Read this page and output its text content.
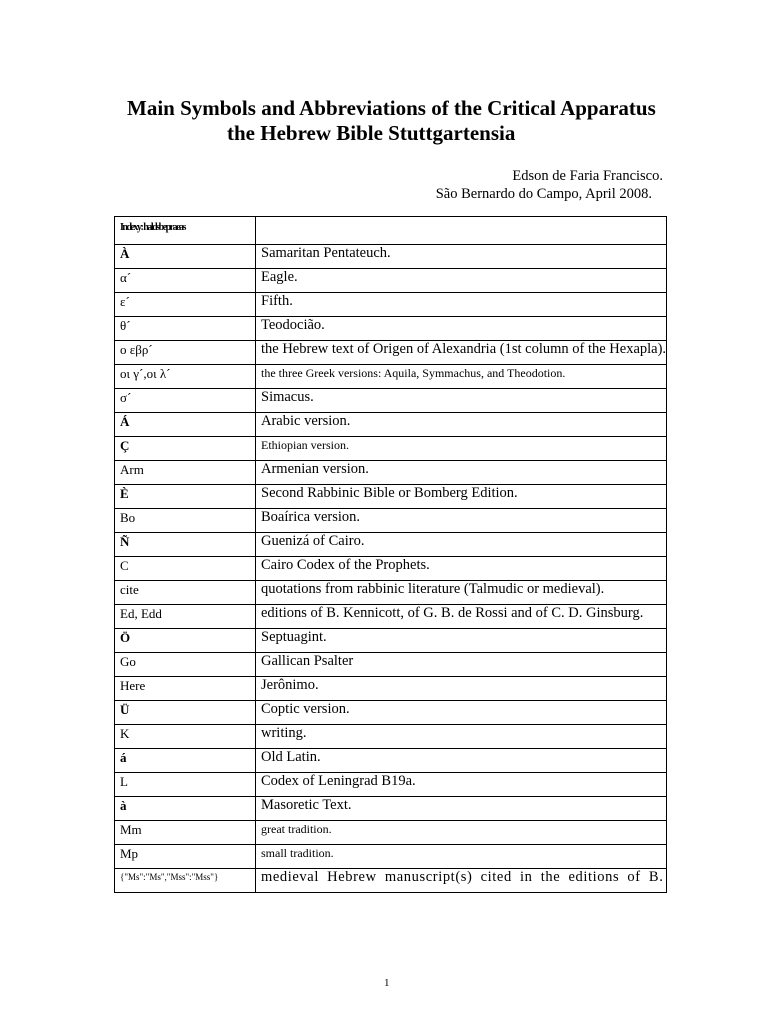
Main Symbols and Abbreviations of the Critical Apparatus
the Hebrew Bible Stuttgartensia
Edson de Faria Francisco.
São Bernardo do Campo, April 2008.
Indexy: haldsbepraeas	
À	Samaritan Pentateuch.
α´	Eagle.
ε´	Fifth.
θ´	Teodocião.
ο εβρ´	the Hebrew text of Origen of Alexandria (1st column of the Hexapla).
οι γ´,οι λ´	the three Greek versions: Aquila, Symmachus, and Theodotion.
σ´	Simacus.
Á	Arabic version.
Ç	Ethiopian version.
Arm	Armenian version.
È	Second Rabbinic Bible or Bomberg Edition.
Bo	Boaírica version.
Ñ	Guenizá of Cairo.
C	Cairo Codex of the Prophets.
cite	quotations from rabbinic literature (Talmudic or medieval).
Ed, Edd	editions of B. Kennicott, of G. B. de Rossi and of C. D. Ginsburg.
Ö	Septuagint.
Go	Gallican Psalter
Here	Jerônimo.
Ü	Coptic version.
K	writing.
á	Old Latin.
L	Codex of Leningrad B19a.
à	Masoretic Text.
Mm	great tradition.
Mp	small tradition.
{"Ms":"Ms","Mss":"Mss"}	medieval Hebrew manuscript(s) cited in the editions of B.
1
